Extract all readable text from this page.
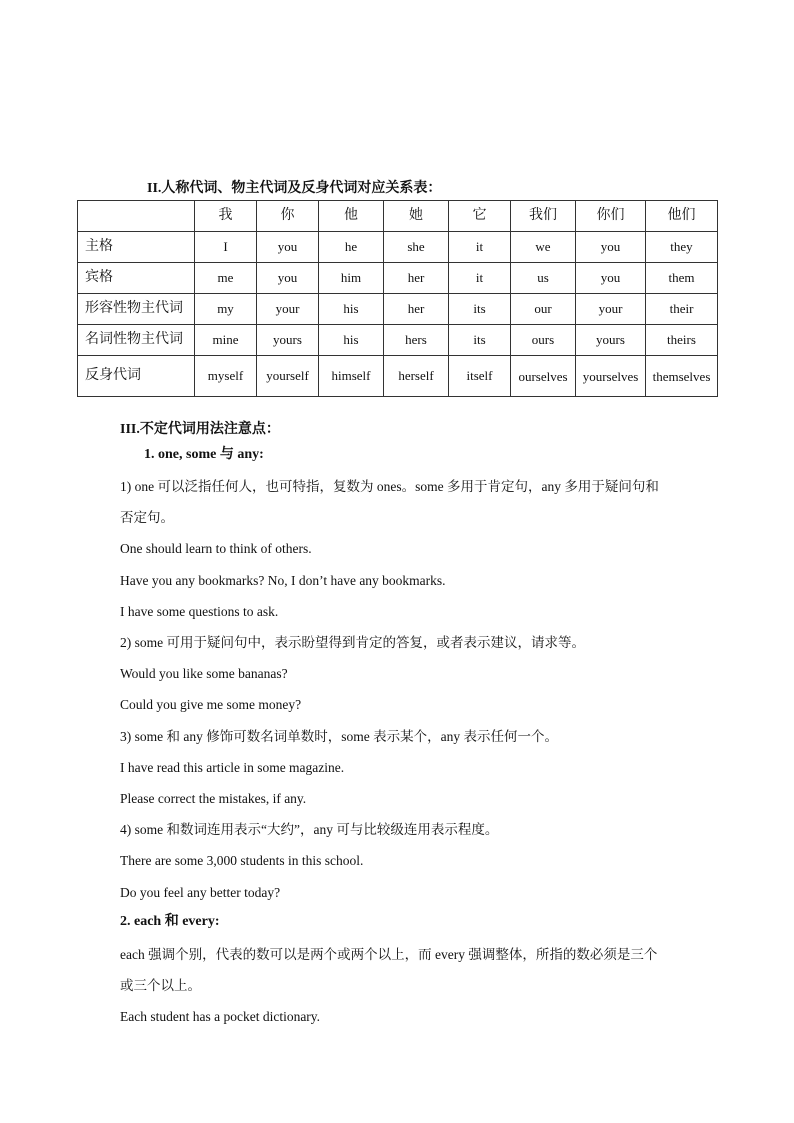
II.人称代词、物主代词及反身代词对应关系表：
	我	你	他	她	它	我们	你们	他们
主格	I	you	he	she	it	we	you	they
宾格	me	you	him	her	it	us	you	them
形容性物主代词	my	your	his	her	its	our	your	their
名词性物主代词	mine	yours	his	hers	its	ours	yours	theirs
反身代词	myself	yourself	himself	herself	itself	ourselves	yourselves	themselves
III.不定代词用法注意点：
1. one, some 与 any:
1) one 可以泛指任何人，也可特指，复数为 ones。some 多用于肯定句，any 多用于疑问句和
否定句。
One should learn to think of others.
Have you any bookmarks? No, I don’t have any bookmarks.
I have some questions to ask.
2) some 可用于疑问句中，表示盼望得到肯定的答复，或者表示建议，请求等。
Would you like some bananas?
Could you give me some money?
3) some 和 any 修饰可数名词单数时，some 表示某个，any 表示任何一个。
I have read this article in some magazine.
Please correct the mistakes, if any.
4) some 和数词连用表示“大约”，any 可与比较级连用表示程度。
There are some 3,000 students in this school.
Do you feel any better today?
2. each 和 every:
each 强调个别，代表的数可以是两个或两个以上，而 every 强调整体，所指的数必须是三个
或三个以上。
Each student has a pocket dictionary.
